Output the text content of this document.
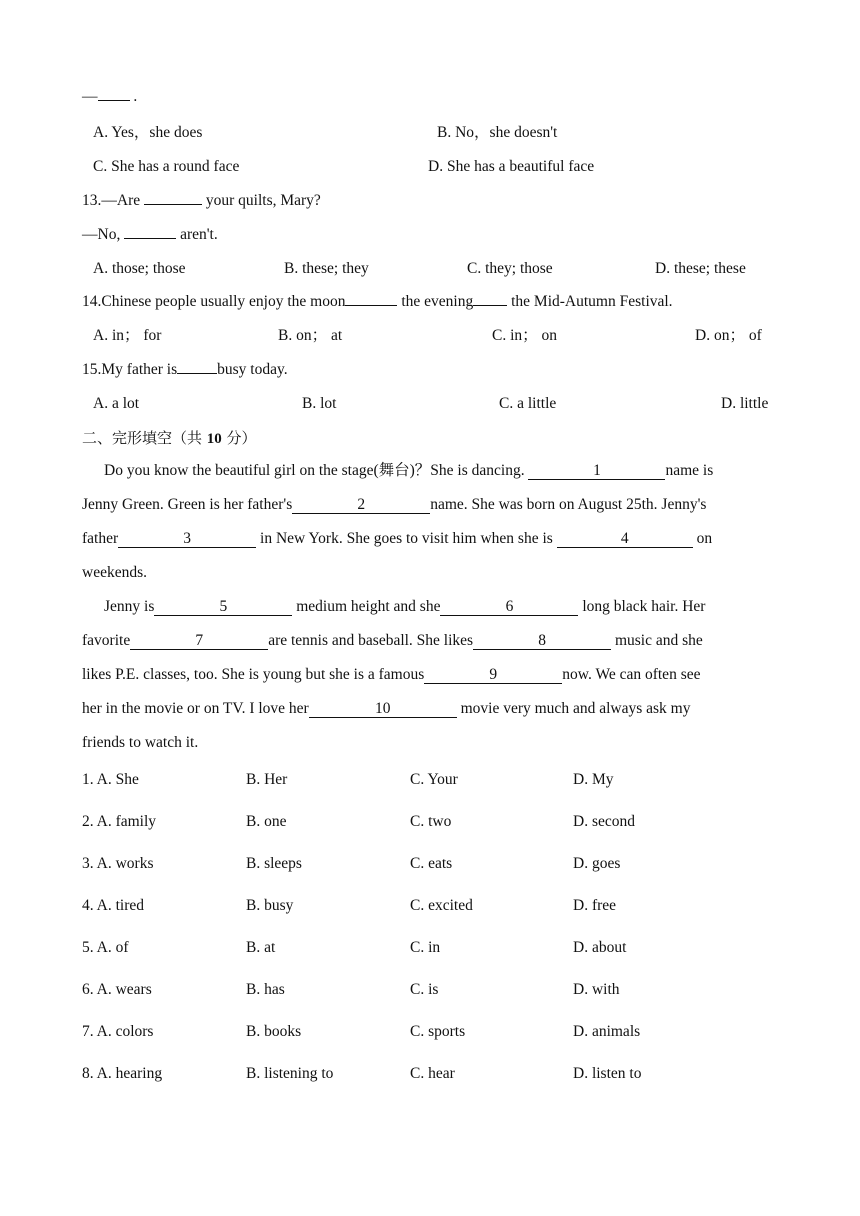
— .
A. Yes，she does	B. No，she doesn't
C. She has a round face	D. She has a beautiful face
13.—Are	your quilts, Mary?
—No,	aren't.
A. those; those	B. these; they	C. they; those	D. these; these
14.Chinese people usually enjoy the moon	the evening the Mid-Autumn Festival.
A. in； for	B. on； at	C. in； on	D. on； of
15.My father is	busy today.
A. a lot	B. lot	C. a little	D. little
二、完形填空（共 10 分）
Do you know the beautiful girl on the stage(舞台)？She is dancing.	1	name is
Jenny Green. Green is her father's	2	name. She was born on August 25th. Jenny's
father	3	in New York. She goes to visit him when she is	4	on
weekends.
Jenny is	5	medium height and she	6	long black hair. Her
favorite	7	are tennis and baseball. She likes	8	music and she
likes P.E. classes, too. She is young but she is a famous	9	now. We can often see
her in the movie or on TV. I love her	10	movie very much and always ask my
friends to watch it.
1. A. She	B. Her	C. Your	D. My
2. A. family	B. one	C. two	D. second
3. A. works	B. sleeps	C. eats	D. goes
4. A. tired	B. busy	C. excited	D. free
5. A. of	B. at	C. in	D. about
6. A. wears	B. has	C. is	D. with
7. A. colors	B. books	C. sports	D. animals
8. A. hearing	B. listening to	C. hear	D. listen to
